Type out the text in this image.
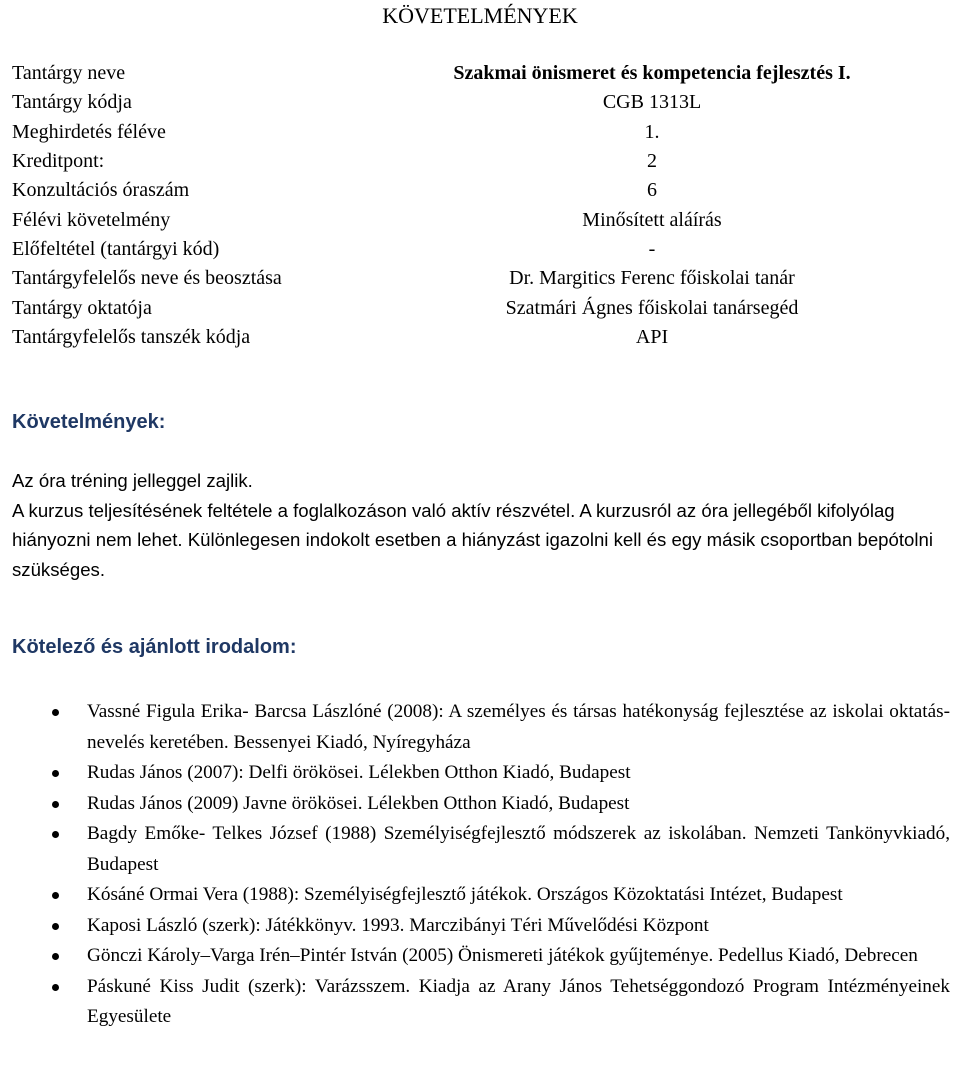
KÖVETELMÉNYEK
Tantárgy neve	Szakmai önismeret és kompetencia fejlesztés I.
Tantárgy kódja	CGB 1313L
Meghirdetés féléve	1.
Kreditpont:	2
Konzultációs óraszám	6
Félévi követelmény	Minősített aláírás
Előfeltétel (tantárgyi kód)	-
Tantárgyfelelős neve és beosztása	Dr. Margitics Ferenc főiskolai tanár
Tantárgy oktatója	Szatmári Ágnes főiskolai tanársegéd
Tantárgyfelelős tanszék kódja	API
Követelmények:

Az óra tréning jelleggel zajlik.

A kurzus teljesítésének feltétele a foglalkozáson való aktív részvétel. A kurzusról az óra jellegéből kifolyólag hiányozni nem lehet. Különlegesen indokolt esetben a hiányzást igazolni kell és egy másik csoportban bepótolni szükséges.

Kötelező és ajánlott irodalom:
Vassné Figula Erika- Barcsa Lászlóné (2008): A személyes és társas hatékonyság fejlesztése az iskolai oktatás-nevelés keretében. Bessenyei Kiadó, Nyíregyháza
Rudas János (2007): Delfi örökösei. Lélekben Otthon Kiadó, Budapest
Rudas János (2009) Javne örökösei. Lélekben Otthon Kiadó, Budapest
Bagdy Emőke- Telkes József (1988) Személyiségfejlesztő módszerek az iskolában. Nemzeti Tankönyvkiadó, Budapest
Kósáné Ormai Vera (1988): Személyiségfejlesztő játékok. Országos Közoktatási Intézet, Budapest
Kaposi László (szerk): Játékkönyv. 1993. Marczibányi Téri Művelődési Központ
Gönczi Károly–Varga Irén–Pintér István (2005) Önismereti játékok gyűjteménye. Pedellus Kiadó, Debrecen
Páskuné Kiss Judit (szerk): Varázsszem. Kiadja az Arany János Tehetséggondozó Program Intézményeinek Egyesülete
